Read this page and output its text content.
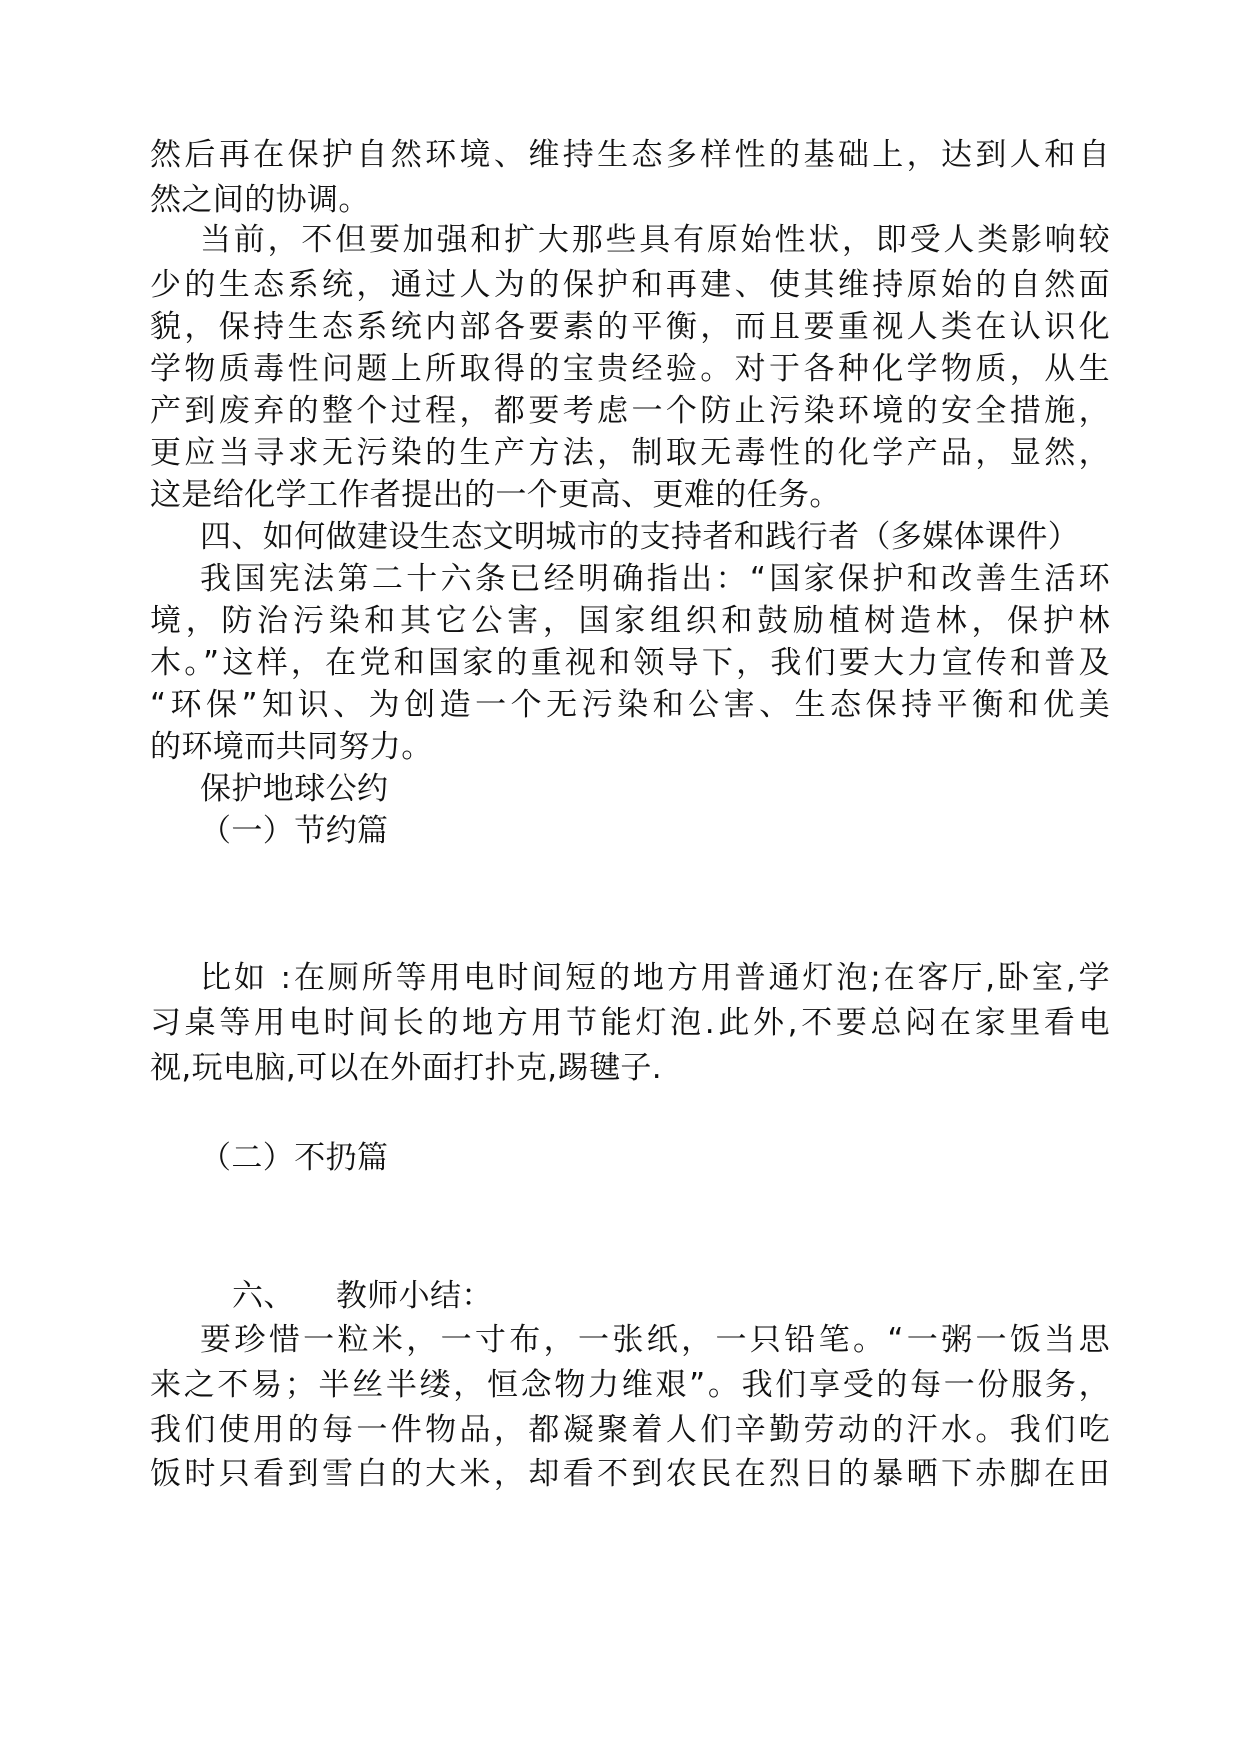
然后再在保护自然环境、维持生态多样性的基础上，达到人和自
然之间的协调。
当前，不但要加强和扩大那些具有原始性状，即受人类影响较
少的生态系统，通过人为的保护和再建、使其维持原始的自然面
貌，保持生态系统内部各要素的平衡，而且要重视人类在认识化
学物质毒性问题上所取得的宝贵经验。对于各种化学物质，从生
产到废弃的整个过程，都要考虑一个防止污染环境的安全措施，
更应当寻求无污染的生产方法，制取无毒性的化学产品，显然，
这是给化学工作者提出的一个更高、更难的任务。
四、如何做建设生态文明城市的支持者和践行者（多媒体课件）
我国宪法第二十六条已经明确指出：“国家保护和改善生活环
境，防治污染和其它公害，国家组织和鼓励植树造林，保护林
木。”这样，在党和国家的重视和领导下，我们要大力宣传和普及
“环保”知识、为创造一个无污染和公害、生态保持平衡和优美
的环境而共同努力。
保护地球公约
（一）节约篇
比如 :在厕所等用电时间短的地方用普通灯泡;在客厅,卧室,学
习桌等用电时间长的地方用节能灯泡.此外,不要总闷在家里看电
视,玩电脑,可以在外面打扑克,踢毽子.
（二）不扔篇
六、    教师小结：
要珍惜一粒米，一寸布，一张纸，一只铅笔。“一粥一饭当思
来之不易；半丝半缕，恒念物力维艰”。我们享受的每一份服务，
我们使用的每一件物品，都凝聚着人们辛勤劳动的汗水。我们吃
饭时只看到雪白的大米，却看不到农民在烈日的暴晒下赤脚在田
